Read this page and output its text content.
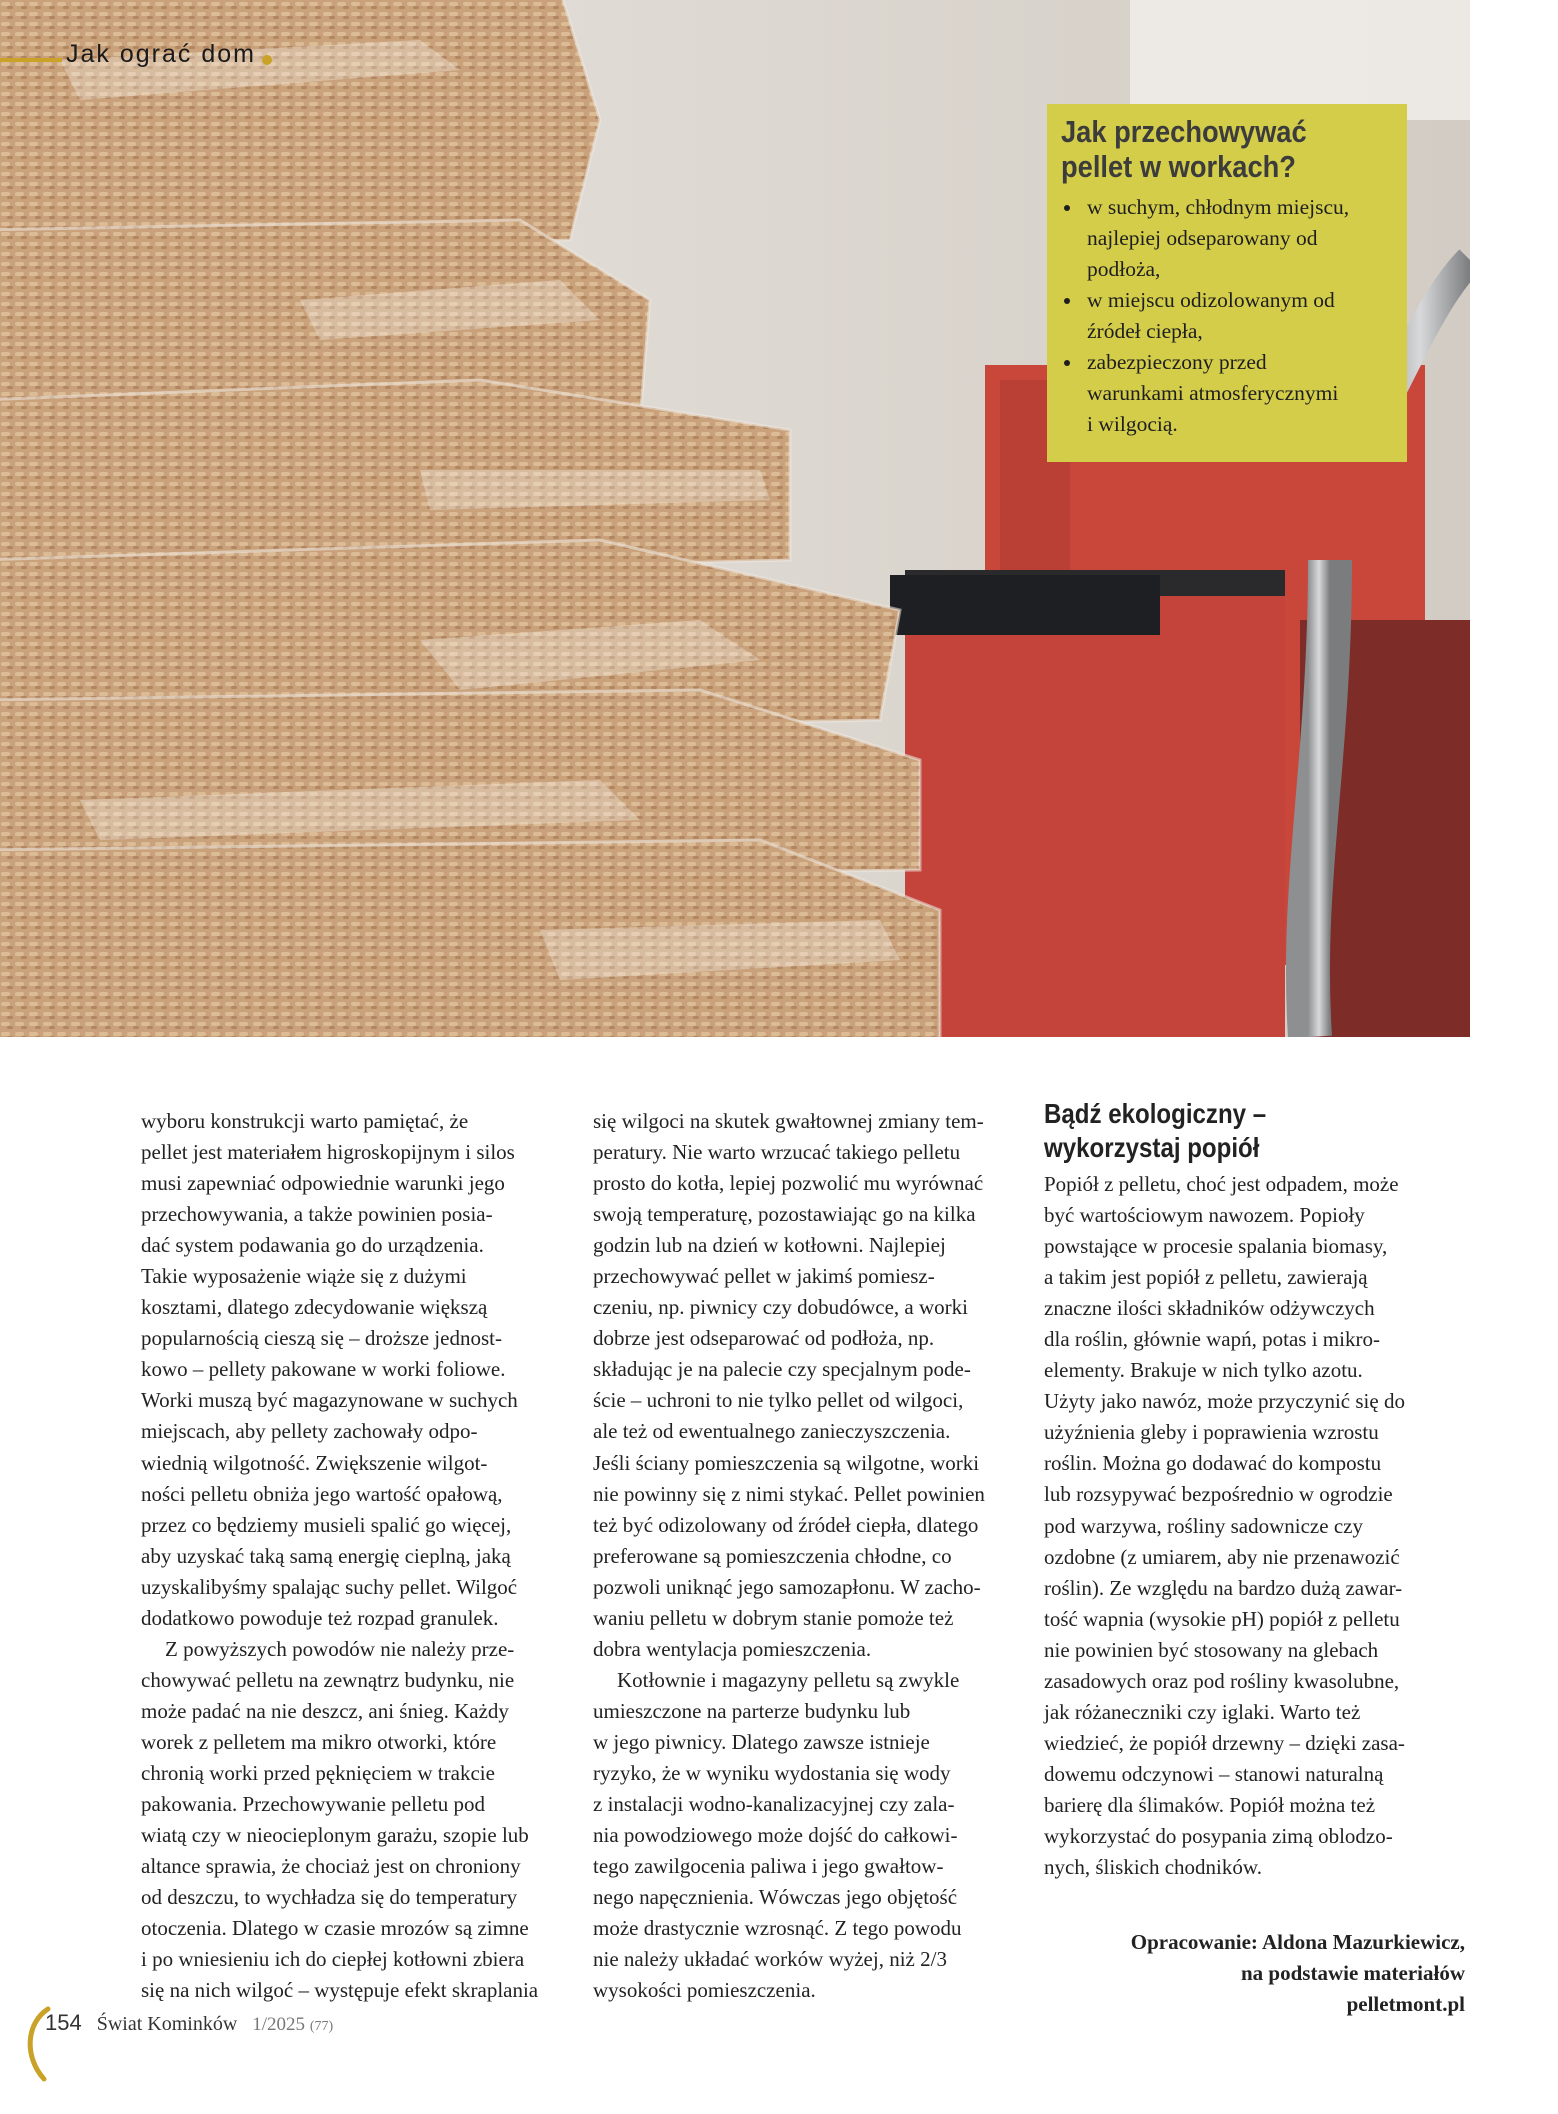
Jak ograć dom
Jak przechowywać
pellet w workach?
• w suchym, chłodnym miejscu,
najlepiej odseparowany od
podłoża,
• w miejscu odizolowanym od
źródeł ciepła,
• zabezpieczony przed
warunkami atmosferycznymi
i wilgocią.

wyboru konstrukcji warto pamiętać, że

pellet jest materiałem higroskopijnym i silos

musi zapewniać odpowiednie warunki jego

przechowywania, a także powinien posia-

dać system podawania go do urządzenia.

Takie wyposażenie wiąże się z dużymi

kosztami, dlatego zdecydowanie większą

popularnością cieszą się – droższe jednost-

kowo – pellety pakowane w worki foliowe.

Worki muszą być magazynowane w suchych

miejscach, aby pellety zachowały odpo-

wiednią wilgotność. Zwiększenie wilgot-

ności pelletu obniża jego wartość opałową,

przez co będziemy musieli spalić go więcej,

aby uzyskać taką samą energię cieplną, jaką

uzyskalibyśmy spalając suchy pellet. Wilgoć

dodatkowo powoduje też rozpad granulek.

Z powyższych powodów nie należy prze-

chowywać pelletu na zewnątrz budynku, nie

może padać na nie deszcz, ani śnieg. Każdy

worek z pelletem ma mikro otworki, które

chronią worki przed pęknięciem w trakcie

pakowania. Przechowywanie pelletu pod

wiatą czy w nieocieplonym garażu, szopie lub

altance sprawia, że chociaż jest on chroniony

od deszczu, to wychładza się do temperatury

otoczenia. Dlatego w czasie mrozów są zimne

i po wniesieniu ich do ciepłej kotłowni zbiera

się na nich wilgoć – występuje efekt skraplania

się wilgoci na skutek gwałtownej zmiany tem-

peratury. Nie warto wrzucać takiego pelletu

prosto do kotła, lepiej pozwolić mu wyrównać

swoją temperaturę, pozostawiając go na kilka

godzin lub na dzień w kotłowni. Najlepiej

przechowywać pellet w jakimś pomiesz-

czeniu, np. piwnicy czy dobudówce, a worki

dobrze jest odseparować od podłoża, np.

składując je na palecie czy specjalnym pode-

ście – uchroni to nie tylko pellet od wilgoci,

ale też od ewentualnego zanieczyszczenia.

Jeśli ściany pomieszczenia są wilgotne, worki

nie powinny się z nimi stykać. Pellet powinien

też być odizolowany od źródeł ciepła, dlatego

preferowane są pomieszczenia chłodne, co

pozwoli uniknąć jego samozapłonu. W zacho-

waniu pelletu w dobrym stanie pomoże też

dobra wentylacja pomieszczenia.

Kotłownie i magazyny pelletu są zwykle

umieszczone na parterze budynku lub

w jego piwnicy. Dlatego zawsze istnieje

ryzyko, że w wyniku wydostania się wody

z instalacji wodno-kanalizacyjnej czy zala-

nia powodziowego może dojść do całkowi-

tego zawilgocenia paliwa i jego gwałtow-

nego napęcznienia. Wówczas jego objętość

może drastycznie wzrosnąć. Z tego powodu

nie należy układać worków wyżej, niż 2/3

wysokości pomieszczenia.

Bądź ekologiczny –
wykorzystaj popiół

Popiół z pelletu, choć jest odpadem, może

być wartościowym nawozem. Popioły

powstające w procesie spalania biomasy,

a takim jest popiół z pelletu, zawierają

znaczne ilości składników odżywczych

dla roślin, głównie wapń, potas i mikro-

elementy. Brakuje w nich tylko azotu.

Użyty jako nawóz, może przyczynić się do

użyźnienia gleby i poprawienia wzrostu

roślin. Można go dodawać do kompostu

lub rozsypywać bezpośrednio w ogrodzie

pod warzywa, rośliny sadownicze czy

ozdobne (z umiarem, aby nie przenawozić

roślin). Ze względu na bardzo dużą zawar-

tość wapnia (wysokie pH) popiół z pelletu

nie powinien być stosowany na glebach

zasadowych oraz pod rośliny kwasolubne,

jak różaneczniki czy iglaki. Warto też

wiedzieć, że popiół drzewny – dzięki zasa-

dowemu odczynowi – stanowi naturalną

barierę dla ślimaków. Popiół można też

wykorzystać do posypania zimą oblodzo-

nych, śliskich chodników.

Opracowanie: Aldona Mazurkiewicz,
na podstawie materiałów
pelletmont.pl
154 Świat Kominków 1/2025 (77)
